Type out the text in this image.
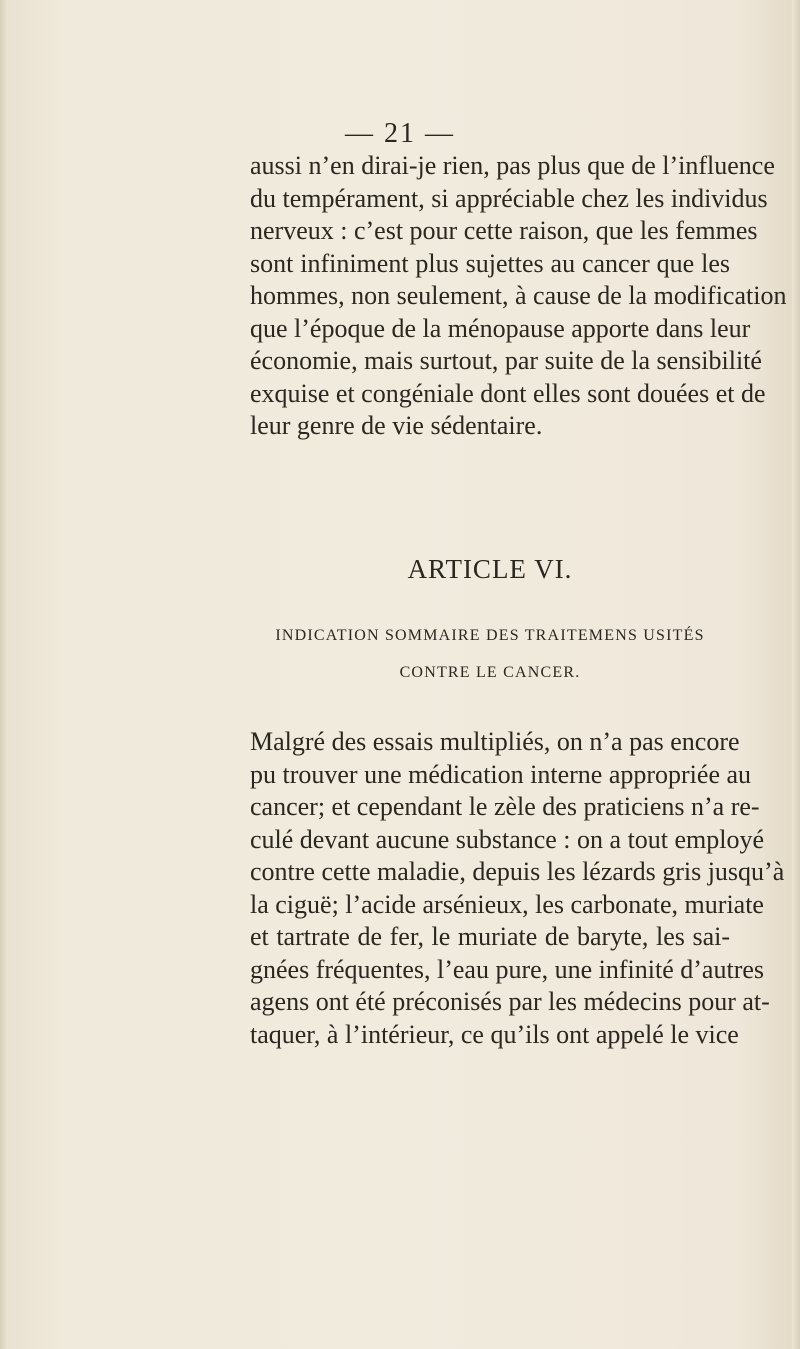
— 21 —
aussi n’en dirai-je rien, pas plus que de l’influence
du tempérament, si appréciable chez les individus
nerveux : c’est pour cette raison, que les femmes
sont infiniment plus sujettes au cancer que les
hommes, non seulement, à cause de la modification
que l’époque de la ménopause apporte dans leur
économie, mais surtout, par suite de la sensibilité
exquise et congéniale dont elles sont douées et de
leur genre de vie sédentaire.
ARTICLE VI.
INDICATION SOMMAIRE DES TRAITEMENS USITÉS
CONTRE LE CANCER.
Malgré des essais multipliés, on n’a pas encore
pu trouver une médication interne appropriée au
cancer; et cependant le zèle des praticiens n’a re-
culé devant aucune substance : on a tout employé
contre cette maladie, depuis les lézards gris jusqu’à
la ciguë; l’acide arsénieux, les carbonate, muriate
et tartrate de fer, le muriate de baryte, les sai-
gnées fréquentes, l’eau pure, une infinité d’autres
agens ont été préconisés par les médecins pour at-
taquer, à l’intérieur, ce qu’ils ont appelé le vice
